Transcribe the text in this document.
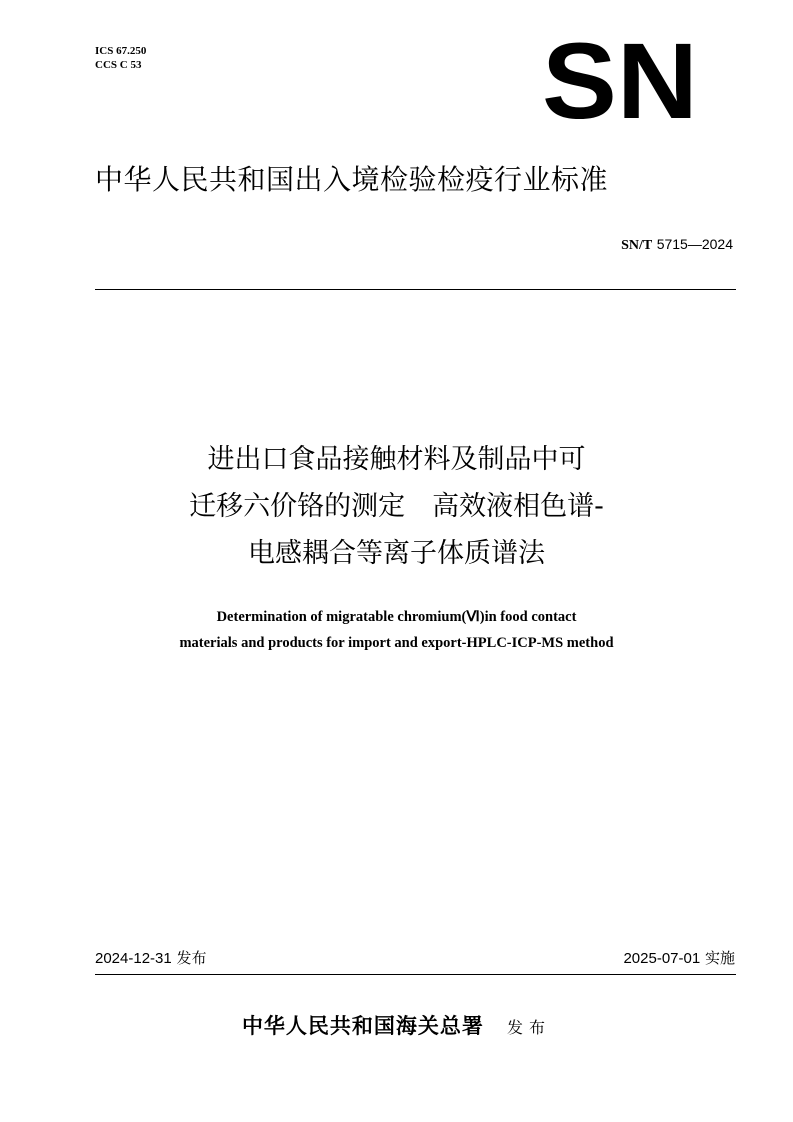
ICS 67.250
CCS C 53	SN
中华人民共和国出入境检验检疫行业标准
SN/T 5715—2024
进出口食品接触材料及制品中可
迁移六价铬的测定　高效液相色谱-
电感耦合等离子体质谱法
Determination of migratable chromium(Ⅵ)in food contact
materials and products for import and export-HPLC-ICP-MS method
2024-12-31 发布	2025-07-01 实施
中华人民共和国海关总署 发布
